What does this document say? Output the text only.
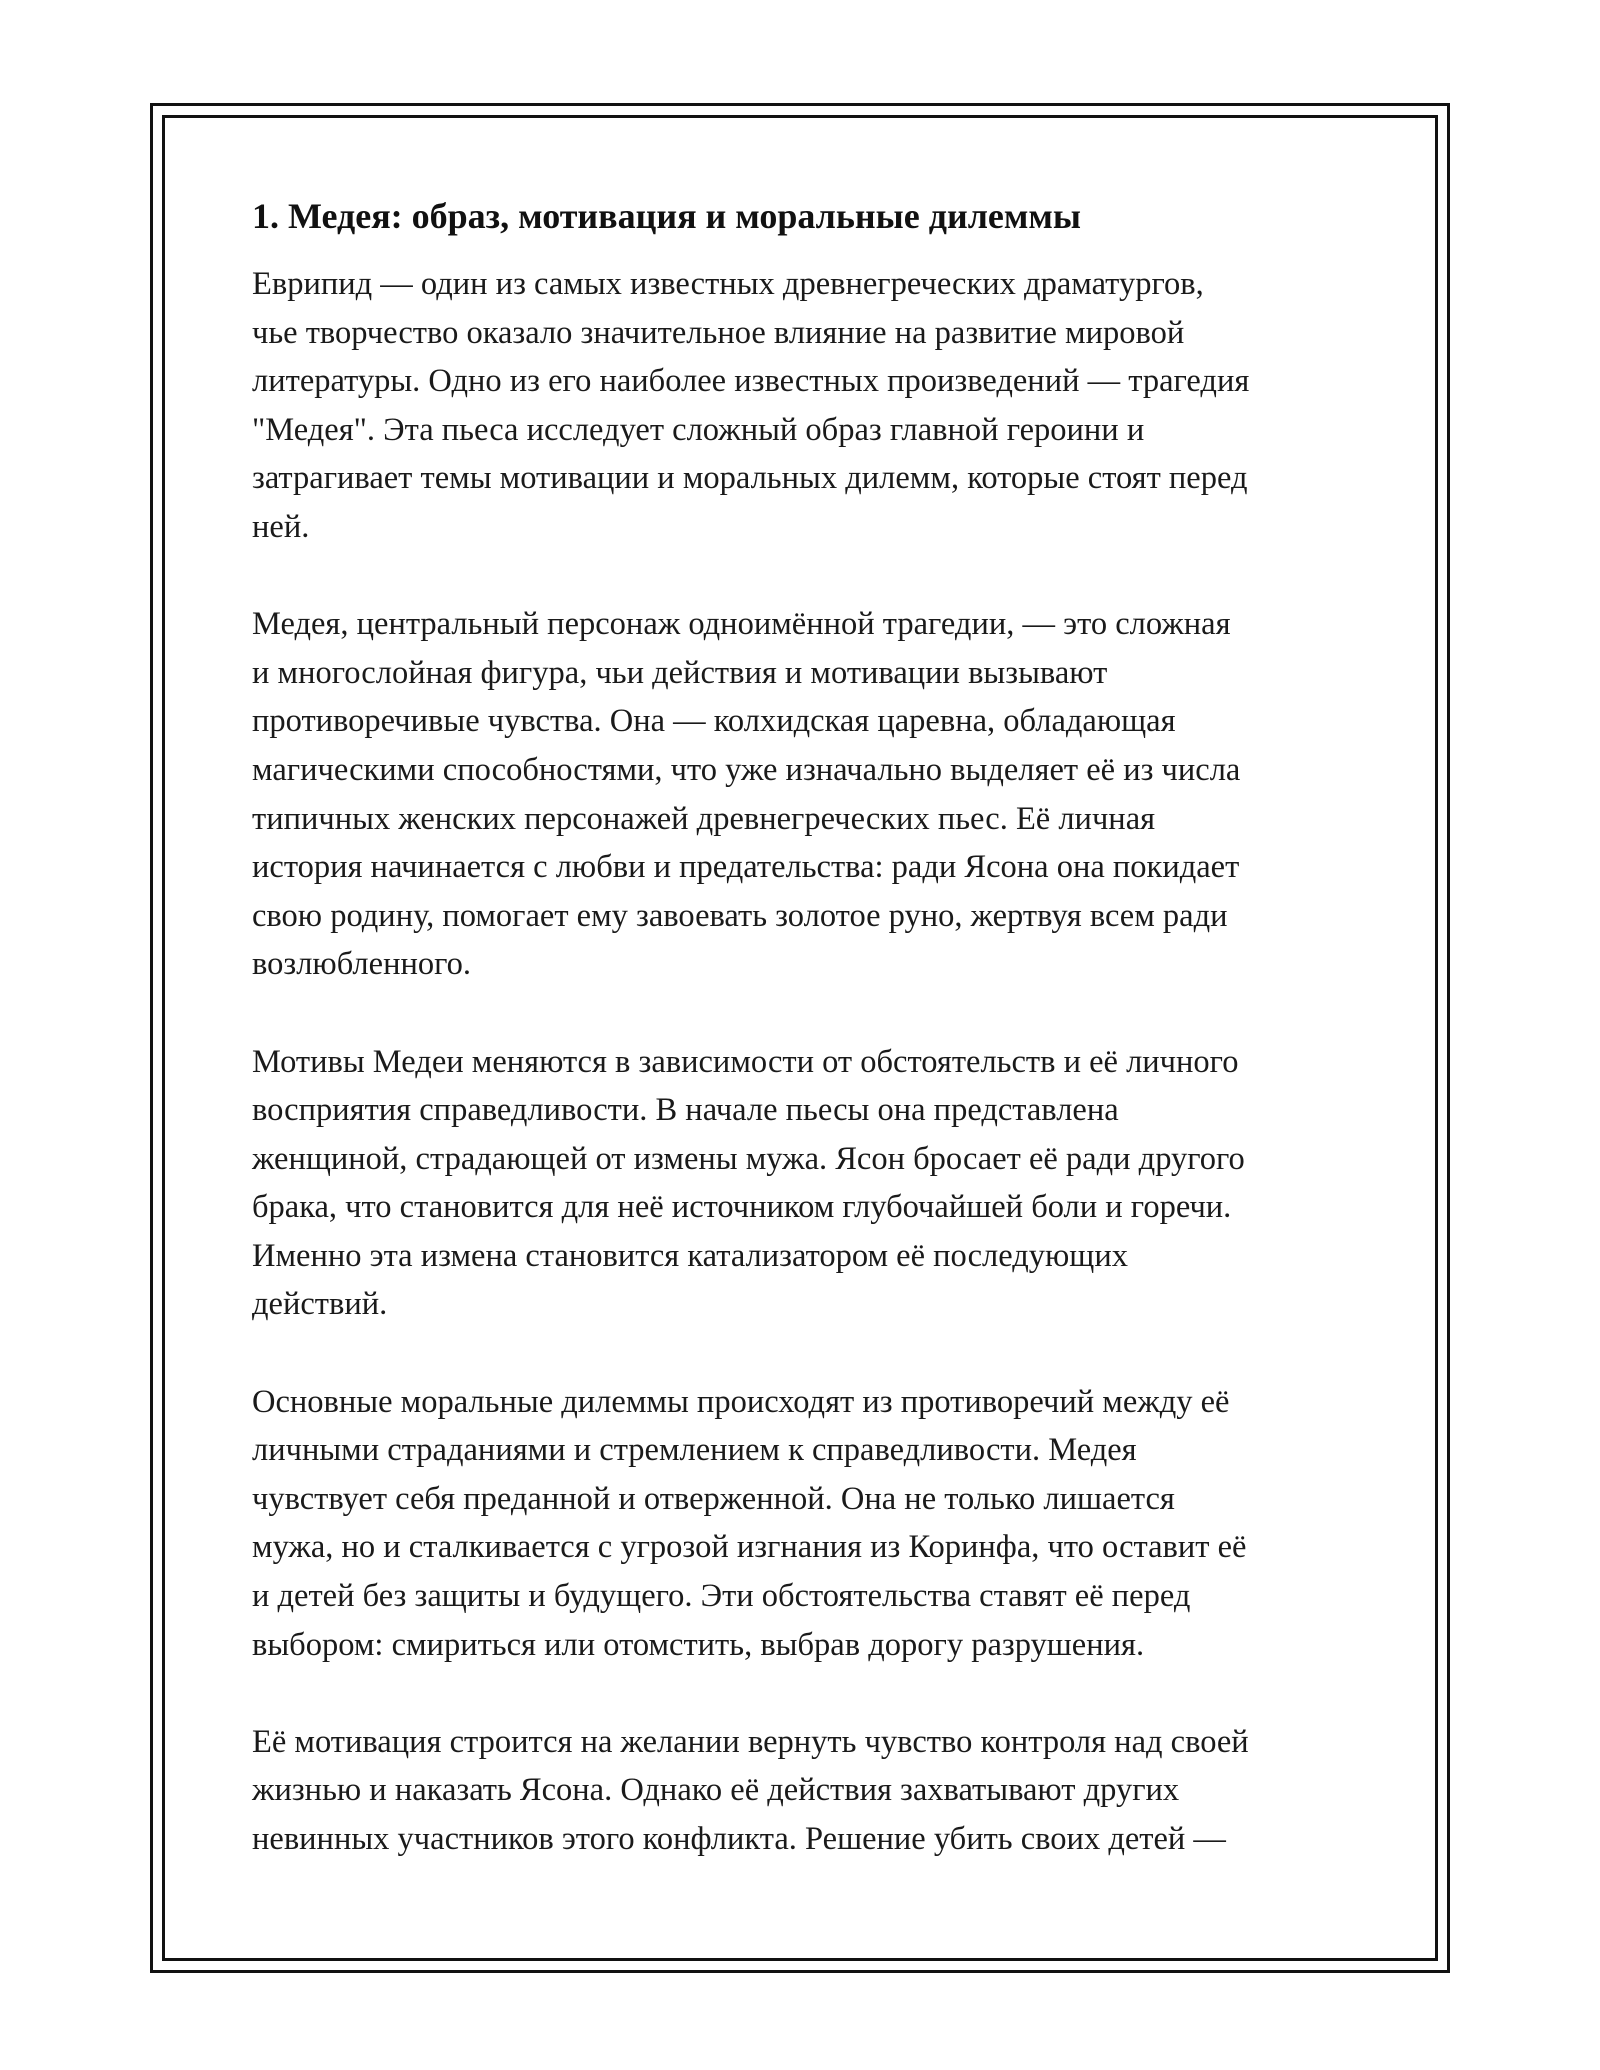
1. Медея: образ, мотивация и моральные дилеммы

Еврипид — один из самых известных древнегреческих драматургов,
чье творчество оказало значительное влияние на развитие мировой
литературы. Одно из его наиболее известных произведений — трагедия
"Медея". Эта пьеса исследует сложный образ главной героини и
затрагивает темы мотивации и моральных дилемм, которые стоят перед
ней.

Медея, центральный персонаж одноимённой трагедии, — это сложная
и многослойная фигура, чьи действия и мотивации вызывают
противоречивые чувства. Она — колхидская царевна, обладающая
магическими способностями, что уже изначально выделяет её из числа
типичных женских персонажей древнегреческих пьес. Её личная
история начинается с любви и предательства: ради Ясона она покидает
свою родину, помогает ему завоевать золотое руно, жертвуя всем ради
возлюбленного.

Мотивы Медеи меняются в зависимости от обстоятельств и её личного
восприятия справедливости. В начале пьесы она представлена
женщиной, страдающей от измены мужа. Ясон бросает её ради другого
брака, что становится для неё источником глубочайшей боли и горечи.
Именно эта измена становится катализатором её последующих
действий.

Основные моральные дилеммы происходят из противоречий между её
личными страданиями и стремлением к справедливости. Медея
чувствует себя преданной и отверженной. Она не только лишается
мужа, но и сталкивается с угрозой изгнания из Коринфа, что оставит её
и детей без защиты и будущего. Эти обстоятельства ставят её перед
выбором: смириться или отомстить, выбрав дорогу разрушения.

Её мотивация строится на желании вернуть чувство контроля над своей
жизнью и наказать Ясона. Однако её действия захватывают других
невинных участников этого конфликта. Решение убить своих детей —
